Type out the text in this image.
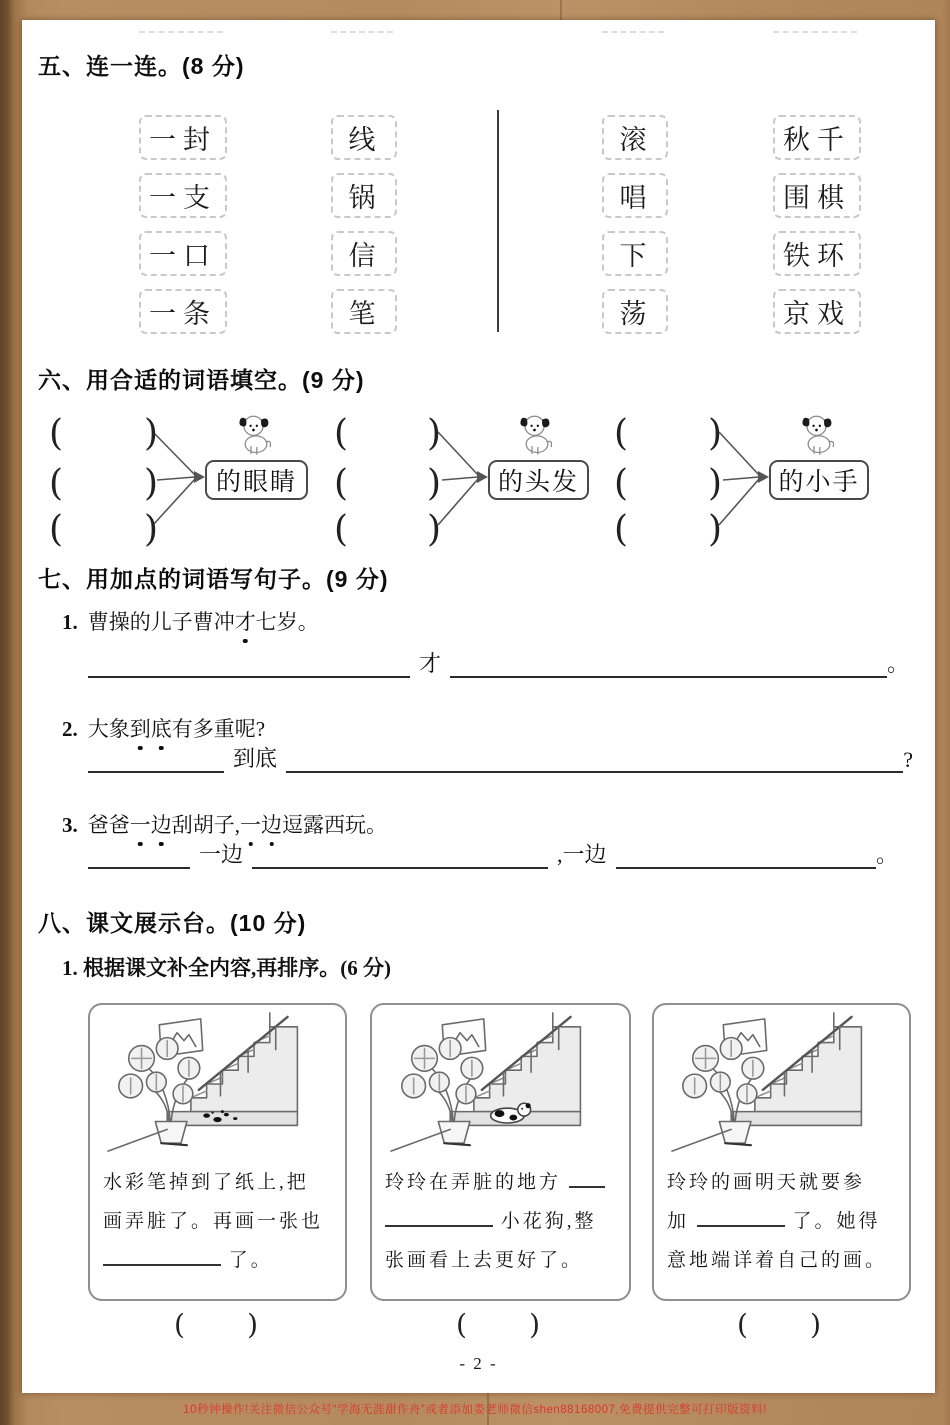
五、连一连。(8 分)
一封
一支
一口
一条
线
锅
信
笔
滚
唱
下
荡
秋千
围棋
铁环
京戏
六、用合适的词语填空。(9 分)
( )
( )
( )
( )
( )
( )
( )
( )
( )
的眼睛	的头发	的小手
七、用加点的词语写句子。(9 分)
1. 曹操的儿子曹冲才七岁。
才	。
2. 大象到底有多重呢?
到底	?
3. 爸爸一边刮胡子,一边逗露西玩。
一边	,一边	。
八、课文展示台。(10 分)
1. 根据课文补全内容,再排序。(6 分)
水彩笔掉到了纸上,把
画弄脏了。再画一张也
了。
玲玲在弄脏的地方
小花狗,整
张画看上去更好了。
玲玲的画明天就要参
加	了。她得
意地端详着自己的画。
( )	( )	( )
- 2 -
10秒钟操作!关注微信公众号“学海无涯甜作舟”或者添加娄老师微信shen88168007,免费提供完整可打印版资料!
